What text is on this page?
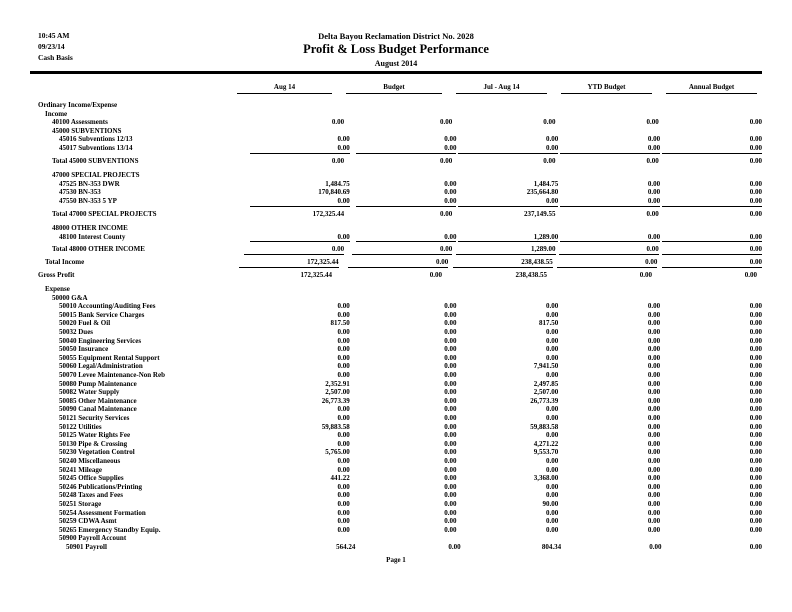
10:45 AM
09/23/14
Cash Basis
Delta Bayou Reclamation District No. 2028
Profit & Loss Budget Performance
August 2014
Aug 14	Budget	Jul - Aug 14	YTD Budget	Annual Budget
Ordinary Income/Expense
Income
40100 Assessments	0.00	0.00	0.00	0.00	0.00
45000 SUBVENTIONS
45016 Subventions 12/13	0.00	0.00	0.00	0.00	0.00
45017 Subventions 13/14	0.00	0.00	0.00	0.00	0.00
Total 45000 SUBVENTIONS	0.00	0.00	0.00	0.00	0.00
47000 SPECIAL PROJECTS
47525 BN-353 DWR	1,484.75	0.00	1,484.75	0.00	0.00
47530 BN-353	170,840.69	0.00	235,664.80	0.00	0.00
47550 BN-353 5 YP	0.00	0.00	0.00	0.00	0.00
Total 47000 SPECIAL PROJECTS	172,325.44	0.00	237,149.55	0.00	0.00
48000 OTHER INCOME
48100 Interest County	0.00	0.00	1,289.00	0.00	0.00
Total 48000 OTHER INCOME	0.00	0.00	1,289.00	0.00	0.00
Total Income	172,325.44	0.00	238,438.55	0.00	0.00
Gross Profit	172,325.44	0.00	238,438.55	0.00	0.00
Expense
50000 G&A
50010 Accounting/Auditing Fees	0.00	0.00	0.00	0.00	0.00
50015 Bank Service Charges	0.00	0.00	0.00	0.00	0.00
50020 Fuel & Oil	817.50	0.00	817.50	0.00	0.00
50032 Dues	0.00	0.00	0.00	0.00	0.00
50040 Engineering Services	0.00	0.00	0.00	0.00	0.00
50050 Insurance	0.00	0.00	0.00	0.00	0.00
50055 Equipment Rental Support	0.00	0.00	0.00	0.00	0.00
50060 Legal/Administration	0.00	0.00	7,941.50	0.00	0.00
50070 Levee Maintenance-Non Reb	0.00	0.00	0.00	0.00	0.00
50080 Pump Maintenance	2,352.91	0.00	2,497.85	0.00	0.00
50082 Water Supply	2,507.00	0.00	2,507.00	0.00	0.00
50085 Other Maintenance	26,773.39	0.00	26,773.39	0.00	0.00
50090 Canal Maintenance	0.00	0.00	0.00	0.00	0.00
50121 Security Services	0.00	0.00	0.00	0.00	0.00
50122 Utilities	59,883.58	0.00	59,883.58	0.00	0.00
50125 Water Rights Fee	0.00	0.00	0.00	0.00	0.00
50130 Pipe & Crossing	0.00	0.00	4,271.22	0.00	0.00
50230 Vegetation Control	5,765.00	0.00	9,553.70	0.00	0.00
50240 Miscellaneous	0.00	0.00	0.00	0.00	0.00
50241 Mileage	0.00	0.00	0.00	0.00	0.00
50245 Office Supplies	441.22	0.00	3,368.00	0.00	0.00
50246 Publications/Printing	0.00	0.00	0.00	0.00	0.00
50248 Taxes and Fees	0.00	0.00	0.00	0.00	0.00
50251 Storage	0.00	0.00	90.00	0.00	0.00
50254 Assessment Formation	0.00	0.00	0.00	0.00	0.00
50259 CDWA Asmt	0.00	0.00	0.00	0.00	0.00
50265 Emergency Standby Equip.	0.00	0.00	0.00	0.00	0.00
50900 Payroll Account
50901 Payroll	564.24	0.00	804.34	0.00	0.00
Page 1
